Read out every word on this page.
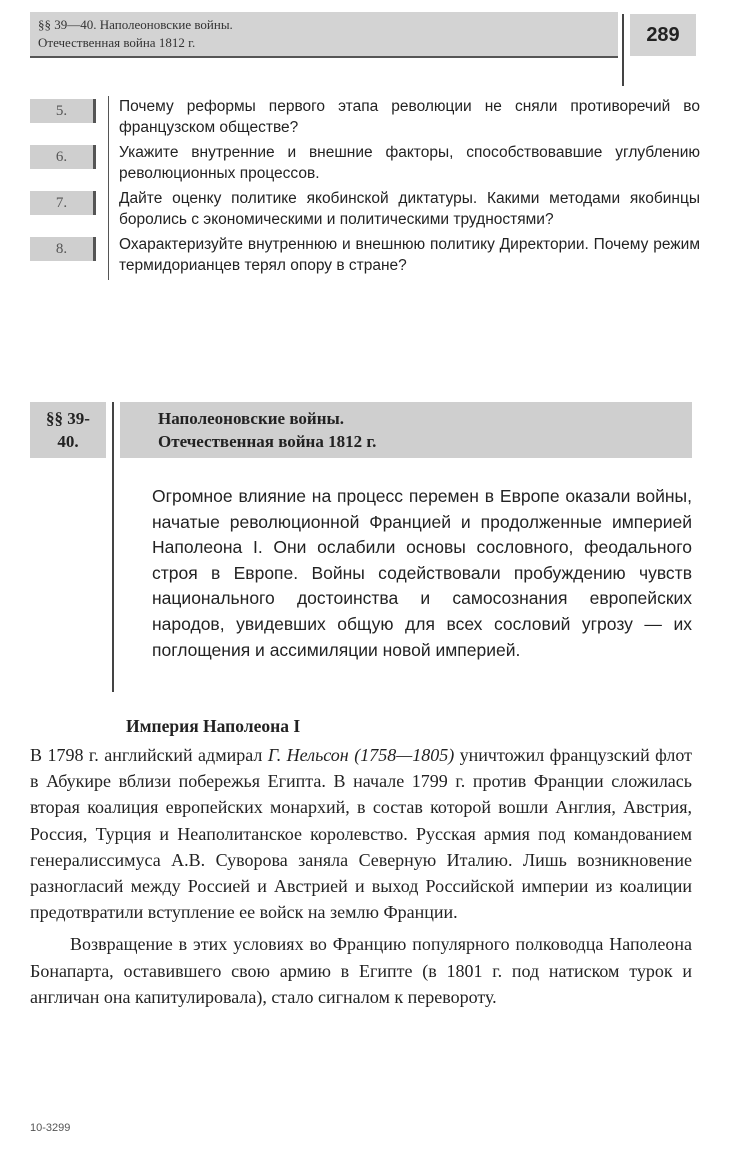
§§ 39—40. Наполеоновские войны.
Отечественная война 1812 г.	289
5.	Почему реформы первого этапа революции не сняли противоречий во французском обществе?
6.	Укажите внутренние и внешние факторы, способствовавшие углублению революционных процессов.
7.	Дайте оценку политике якобинской диктатуры. Какими методами якобинцы боролись с экономическими и политическими трудностями?
8.	Охарактеризуйте внутреннюю и внешнюю политику Директории. Почему режим термидорианцев терял опору в стране?
§§ 39-
40.
Наполеоновские войны.
Отечественная война 1812 г.
Огромное влияние на процесс перемен в Европе оказали войны, начатые революционной Францией и продолженные империей Наполеона I. Они ослабили основы сословного, феодального строя в Европе. Войны содействовали пробуждению чувств национального достоинства и самосознания европейских народов, увидевших общую для всех сословий угрозу — их поглощения и ассимиляции новой империей.
Империя Наполеона I

В 1798 г. английский адмирал Г. Нельсон (1758—1805) уничтожил французский флот в Абукире вблизи побережья Египта. В начале 1799 г. против Франции сложилась вторая коалиция европейских монархий, в состав которой вошли Англия, Австрия, Россия, Турция и Неаполитанское королевство. Русская армия под командованием генералиссимуса А.В. Суворова заняла Северную Италию. Лишь возникновение разногласий между Россией и Австрией и выход Российской империи из коалиции предотвратили вступление ее войск на землю Франции.

Возвращение в этих условиях во Францию популярного полководца Наполеона Бонапарта, оставившего свою армию в Египте (в 1801 г. под натиском турок и англичан она капитулировала), стало сигналом к перевороту.

10-3299
